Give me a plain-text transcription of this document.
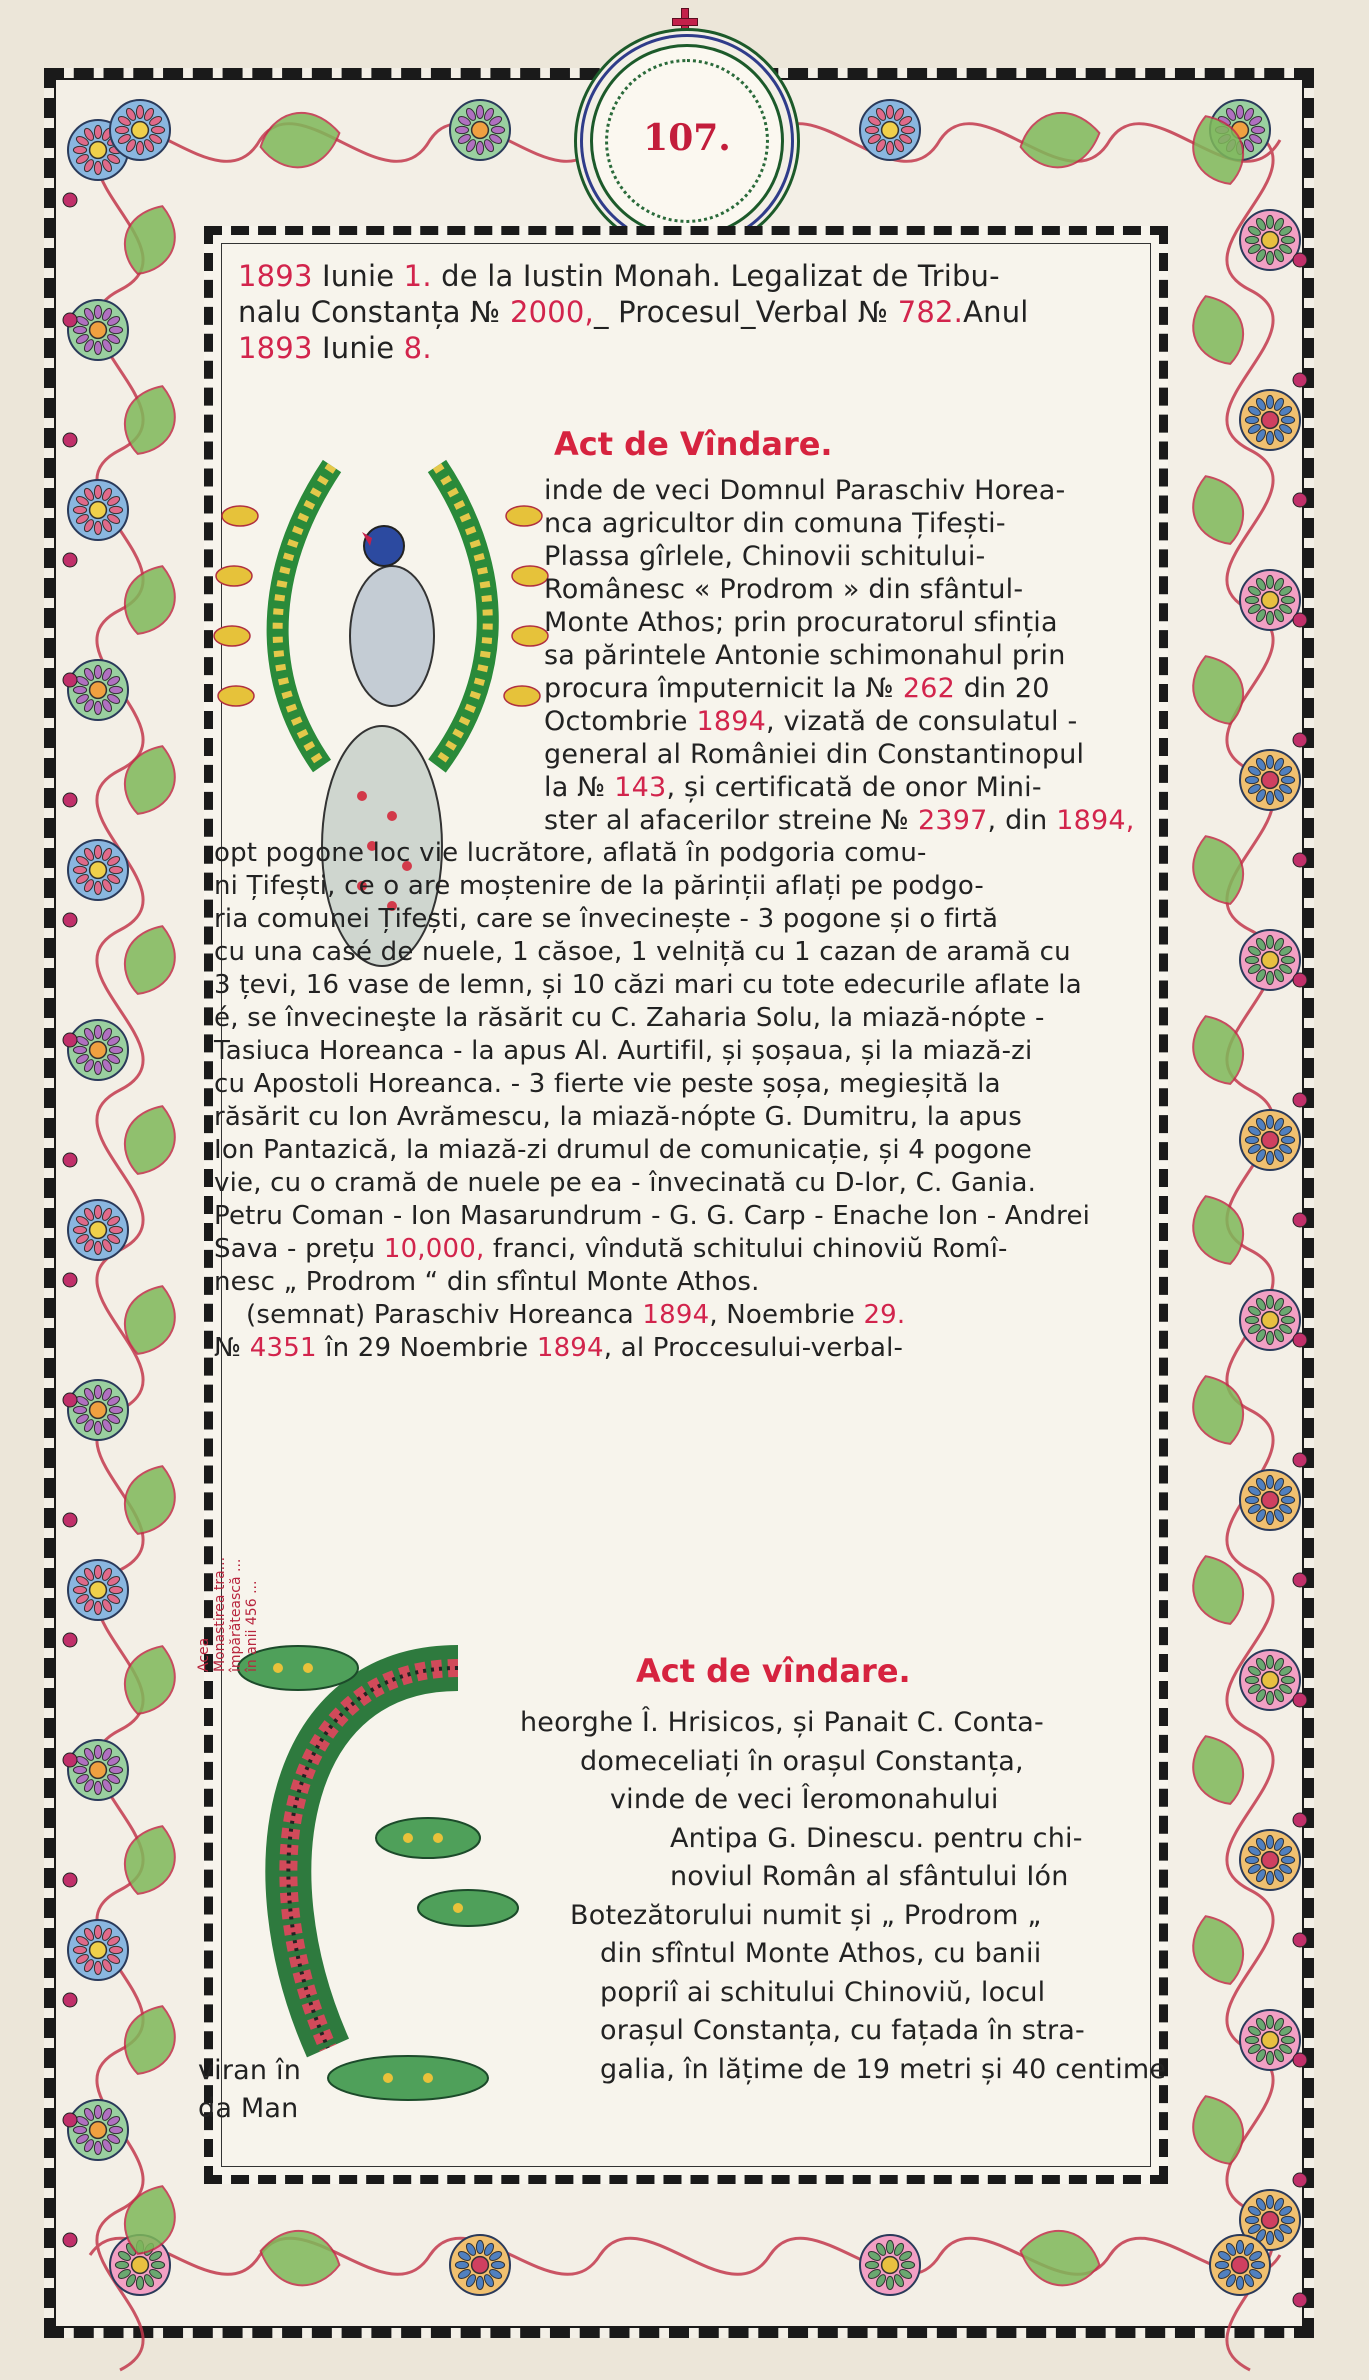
107.
1893 Iunie 1. de la Iustin Monah. Legalizat de Tribu-
nalu Constanța № 2000,_ Procesul_Verbal № 782.Anul
1893 Iunie 8.
Act de Vîndare.
inde de veci Domnul Paraschiv Horea-
nca agricultor din comuna Țifești-
Plassa gîrlele, Chinovii schitului-
Românesc « Prodrom » din sfântul-
Monte Athos; prin procuratorul sfinția
sa părintele Antonie schimonahul prin
procura împuternicit la № 262 din 20
Octombrie 1894, vizată de consulatul -
general al României din Constantinopul
la № 143, și certificată de onor Mini-
ster al afacerilor streine № 2397, din 1894,
opt pogone loc vie lucrătore, aflată în podgoria comu-
ni Țifești, ce o are moștenire de la părinții aflați pe podgo-
ria comunei Țifești, care se învecinește - 3 pogone și o firtă
cu una casé de nuele, 1 căsoe, 1 velniță cu 1 cazan de aramă cu
3 țevi, 16 vase de lemn, și 10 căzi mari cu tote edecurile aflate la
é, se învecineşte la răsărit cu C. Zaharia Solu, la miază-nópte -
Tasiuca Horeanca - la apus Al. Aurtifil, și șoșaua, și la miază-zi
cu Apostoli Horeanca. - 3 fierte vie peste șoșa, megieșită la
răsărit cu Ion Avrămescu, la miază-nópte G. Dumitru, la apus
Ion Pantazică, la miază-zi drumul de comunicație, și 4 pogone
vie, cu o cramă de nuele pe ea - învecinată cu D-lor, C. Gania.
Petru Coman - Ion Masarundrum - G. G. Carp - Enache Ion - Andrei
Sava - prețu 10,000, franci, vîndută schitului chinoviŭ Romî-
nesc „ Prodrom “ din sfîntul Monte Athos.
(semnat) Paraschiv Horeanca 1894, Noembrie 29.
№ 4351 în 29 Noembrie 1894, al Proccesului-verbal-
Act de vîndare.
Acea Monastirea tra... împărătească ... în anii 456 ...
viran în
da Man
heorghe Î. Hrisicos, și Panait C. Conta-
domeceliați în orașul Constanța,
vinde de veci Îeromonahului
Antipa G. Dinescu. pentru chi-
noviul Român al sfântului Ión
Botezătorului numit și „ Prodrom „
din sfîntul Monte Athos, cu banii
popriî ai schitului Chinoviŭ, locul
orașul Constanța, cu fațada în stra-
galia, în lățime de 19 metri și 40 centime
